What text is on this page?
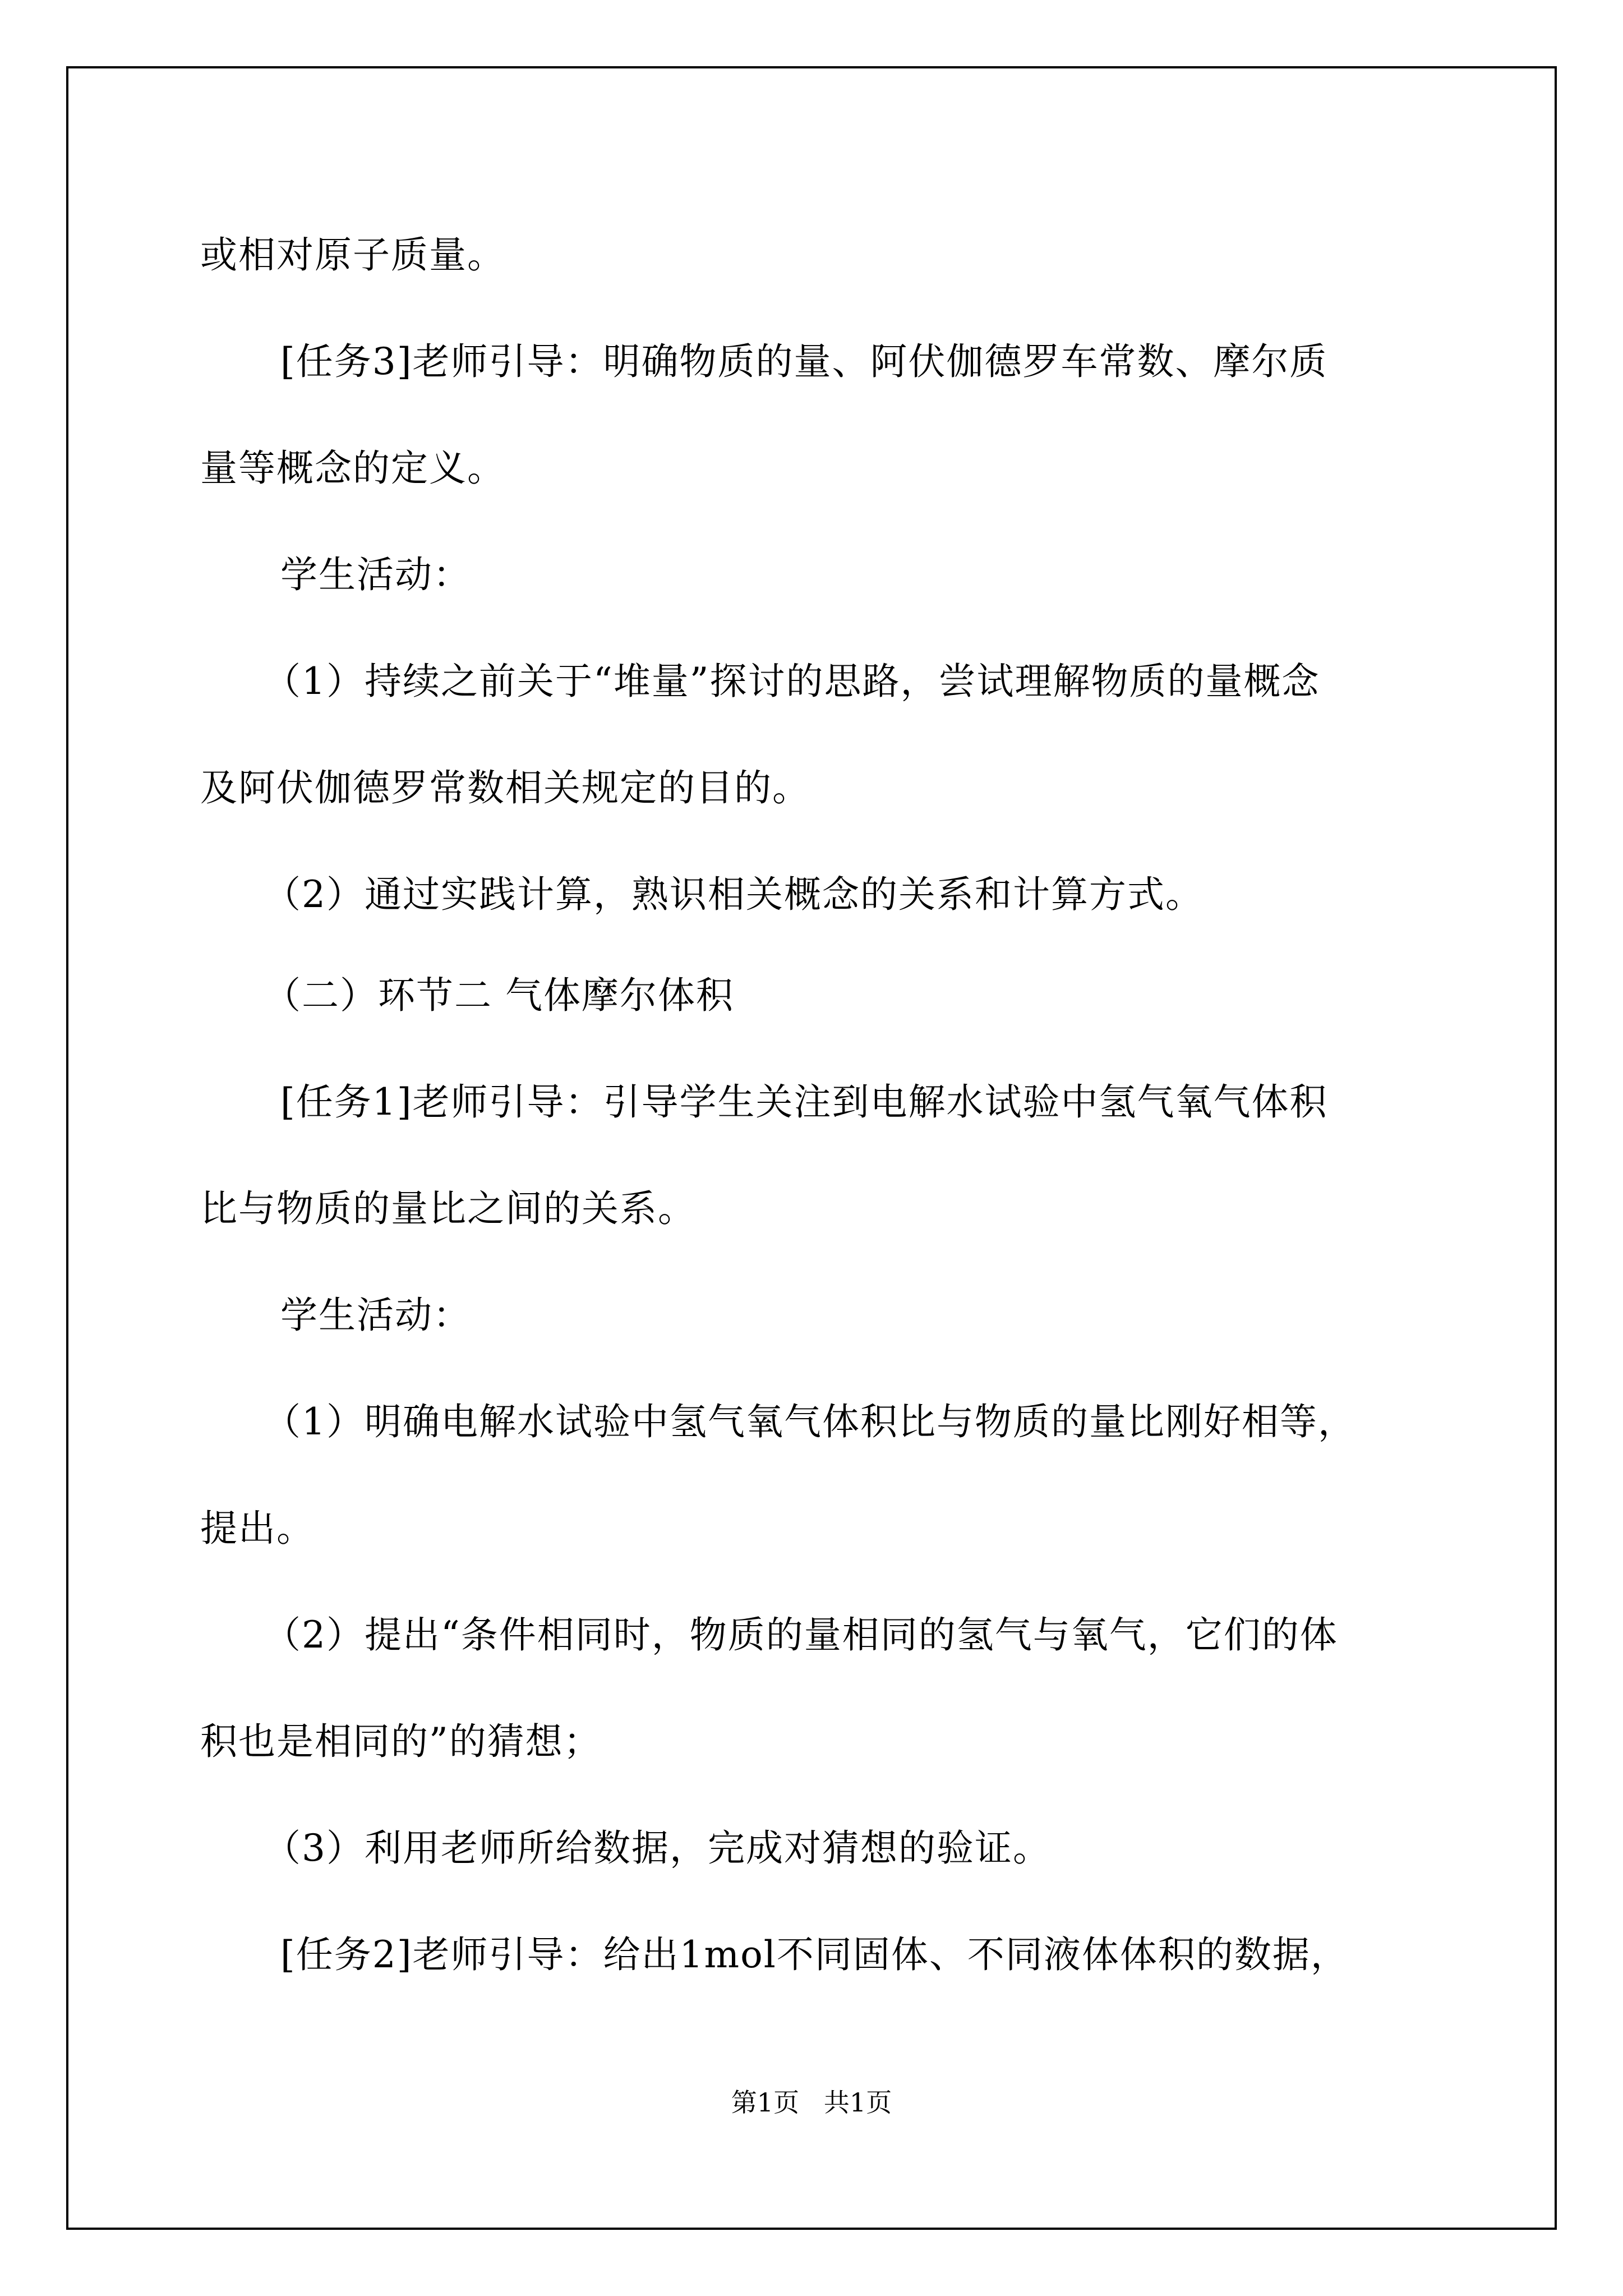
或相对原子质量。
[任务3]老师引导：明确物质的量、阿伏伽德罗车常数、摩尔质
量等概念的定义。
学生活动：
（1）持续之前关于“堆量”探讨的思路，尝试理解物质的量概念
及阿伏伽德罗常数相关规定的目的。
（2）通过实践计算，熟识相关概念的关系和计算方式。
（二）环节二 气体摩尔体积
[任务1]老师引导：引导学生关注到电解水试验中氢气氧气体积
比与物质的量比之间的关系。
学生活动：
（1）明确电解水试验中氢气氧气体积比与物质的量比刚好相等，
提出。
（2）提出“条件相同时，物质的量相同的氢气与氧气，它们的体
积也是相同的”的猜想；
（3）利用老师所给数据，完成对猜想的验证。
[任务2]老师引导：给出1mol不同固体、不同液体体积的数据，
第1页   共1页
